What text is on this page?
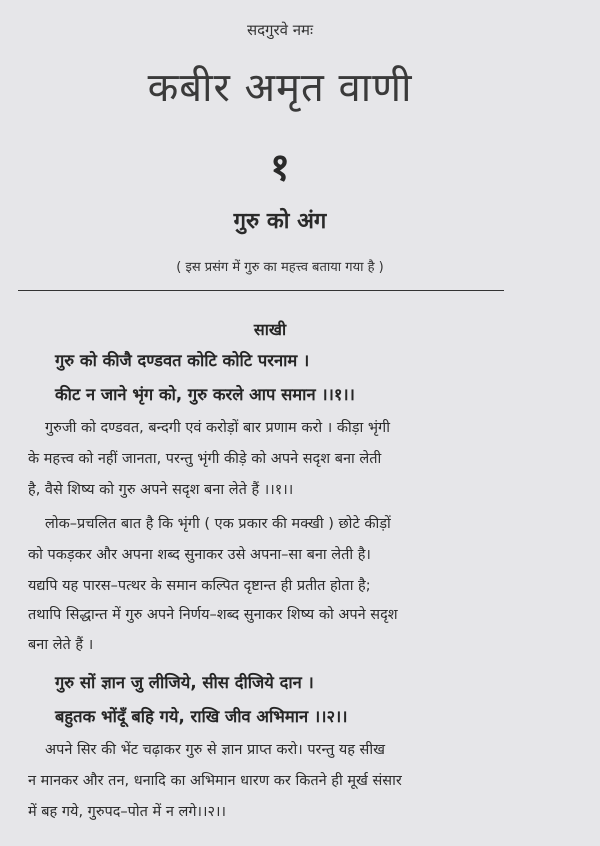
सदगुरवे नमः
कबीर अमृत वाणी
१
गुरु को अंग
( इस प्रसंग में गुरु का महत्त्व बताया गया है )
साखी
गुरु को कीजै दण्डवत कोटि कोटि परनाम ।
कीट न जाने भृंग को, गुरु करले आप समान ।।१।।
गुरुजी को दण्डवत, बन्दगी एवं करोड़ों बार प्रणाम करो । कीड़ा भृंगी
के महत्त्व को नहीं जानता, परन्तु भृंगी कीड़े को अपने सदृश बना लेती
है, वैसे शिष्य को गुरु अपने सदृश बना लेते हैं ।।१।।
लोक–प्रचलित बात है कि भृंगी ( एक प्रकार की मक्खी ) छोटे कीड़ों
को पकड़कर और अपना शब्द सुनाकर उसे अपना–सा बना लेती है।
यद्यपि यह पारस–पत्थर के समान कल्पित दृष्टान्त ही प्रतीत होता है;
तथापि सिद्धान्त में गुरु अपने निर्णय–शब्द सुनाकर शिष्य को अपने सदृश
बना लेते हैं ।
गुरु सों ज्ञान जु लीजिये, सीस दीजिये दान ।
बहुतक भोंदूँ बहि गये, राखि जीव अभिमान ।।२।।
अपने सिर की भेंट चढ़ाकर गुरु से ज्ञान प्राप्त करो। परन्तु यह सीख
न मानकर और तन, धनादि का अभिमान धारण कर कितने ही मूर्ख संसार
में बह गये, गुरुपद–पोत में न लगे।।२।।
